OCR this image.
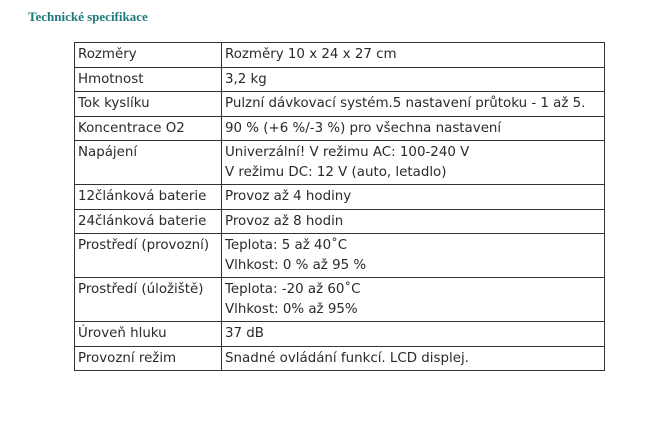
Technické specifikace
Rozměry	Rozměry 10 x 24 x 27 cm

Hmotnost	3,2 kg

Tok kyslíku	Pulzní dávkovací systém.5 nastavení průtoku - 1 až 5.

Koncentrace O2	90 % (+6 %/-3 %) pro všechna nastavení

Napájení	Univerzální! V režimu AC: 100-240 V
V režimu DC: 12 V (auto, letadlo)

12článková baterie	Provoz až 4 hodiny

24článková baterie	Provoz až 8 hodin

Prostředí (provozní)	Teplota: 5 až 40˚C
Vlhkost: 0 % až 95 %

Prostředí (úložiště)	Teplota: -20 až 60˚C
Vlhkost: 0% až 95%

Úroveň hluku	37 dB

Provozní režim	Snadné ovládání funkcí. LCD displej.
